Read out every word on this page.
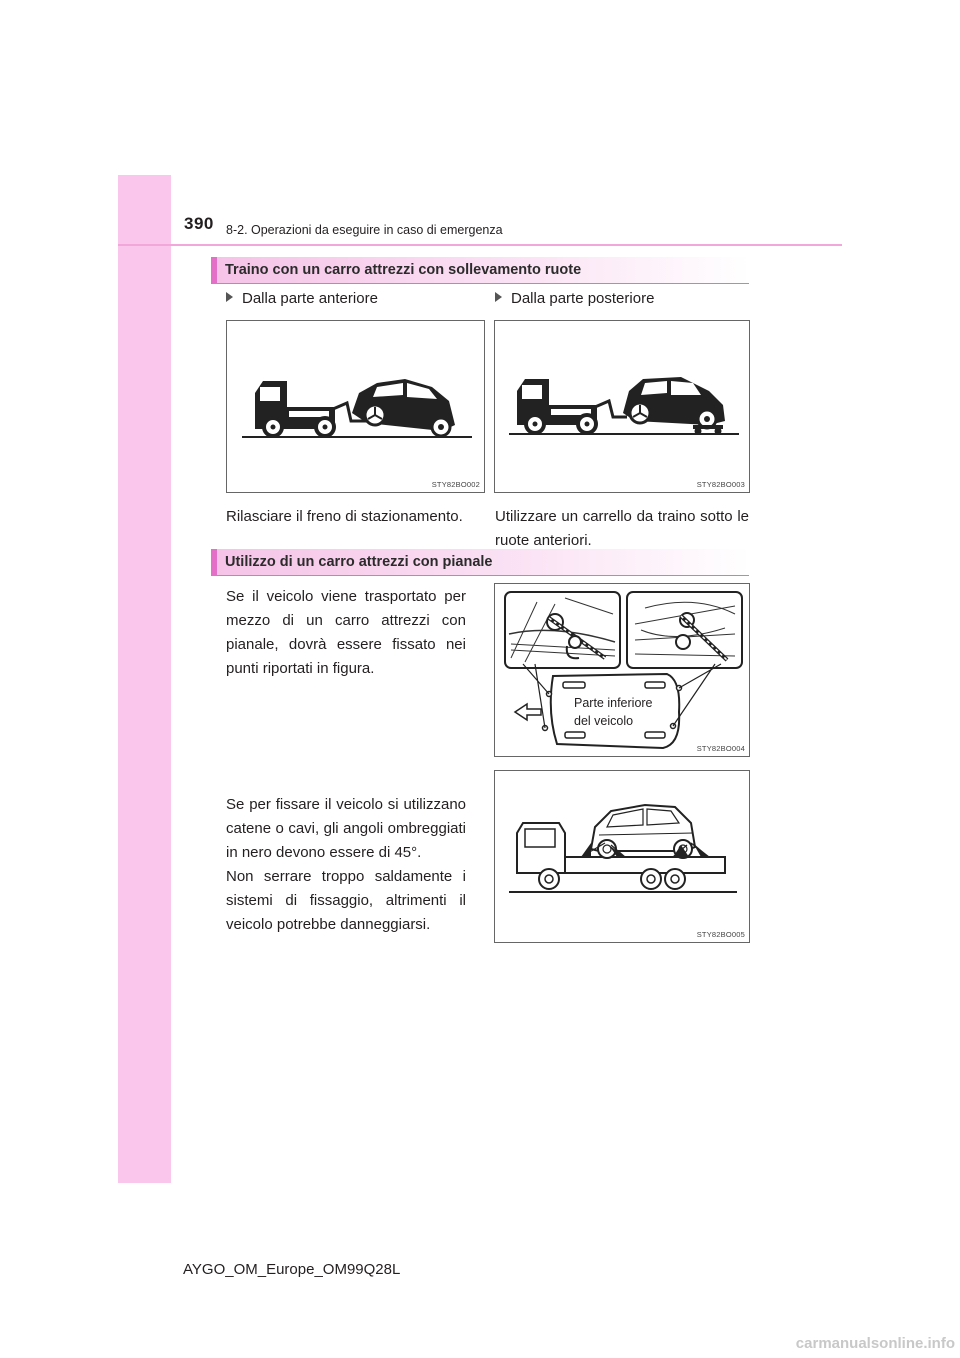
390 8-2. Operazioni da eseguire in caso di emergenza
Traino con un carro attrezzi con sollevamento ruote
Dalla parte anteriore	Dalla parte posteriore
STY82BO002	STY82BO003
Rilasciare il freno di stazionamento.	Utilizzare un carrello da traino sotto le ruote anteriori.
Utilizzo di un carro attrezzi con pianale
Se il veicolo viene trasportato per mezzo di un carro attrezzi con pianale, dovrà essere fissato nei punti riportati in figura.
Parte inferiore
del veicolo
STY82BO004
Se per fissare il veicolo si utilizzano catene o cavi, gli angoli ombreggiati in nero devono essere di 45°.
Non serrare troppo saldamente i sistemi di fissaggio, altrimenti il veicolo potrebbe danneggiarsi.
STY82BO005
AYGO_OM_Europe_OM99Q28L
carmanualsonline.info
